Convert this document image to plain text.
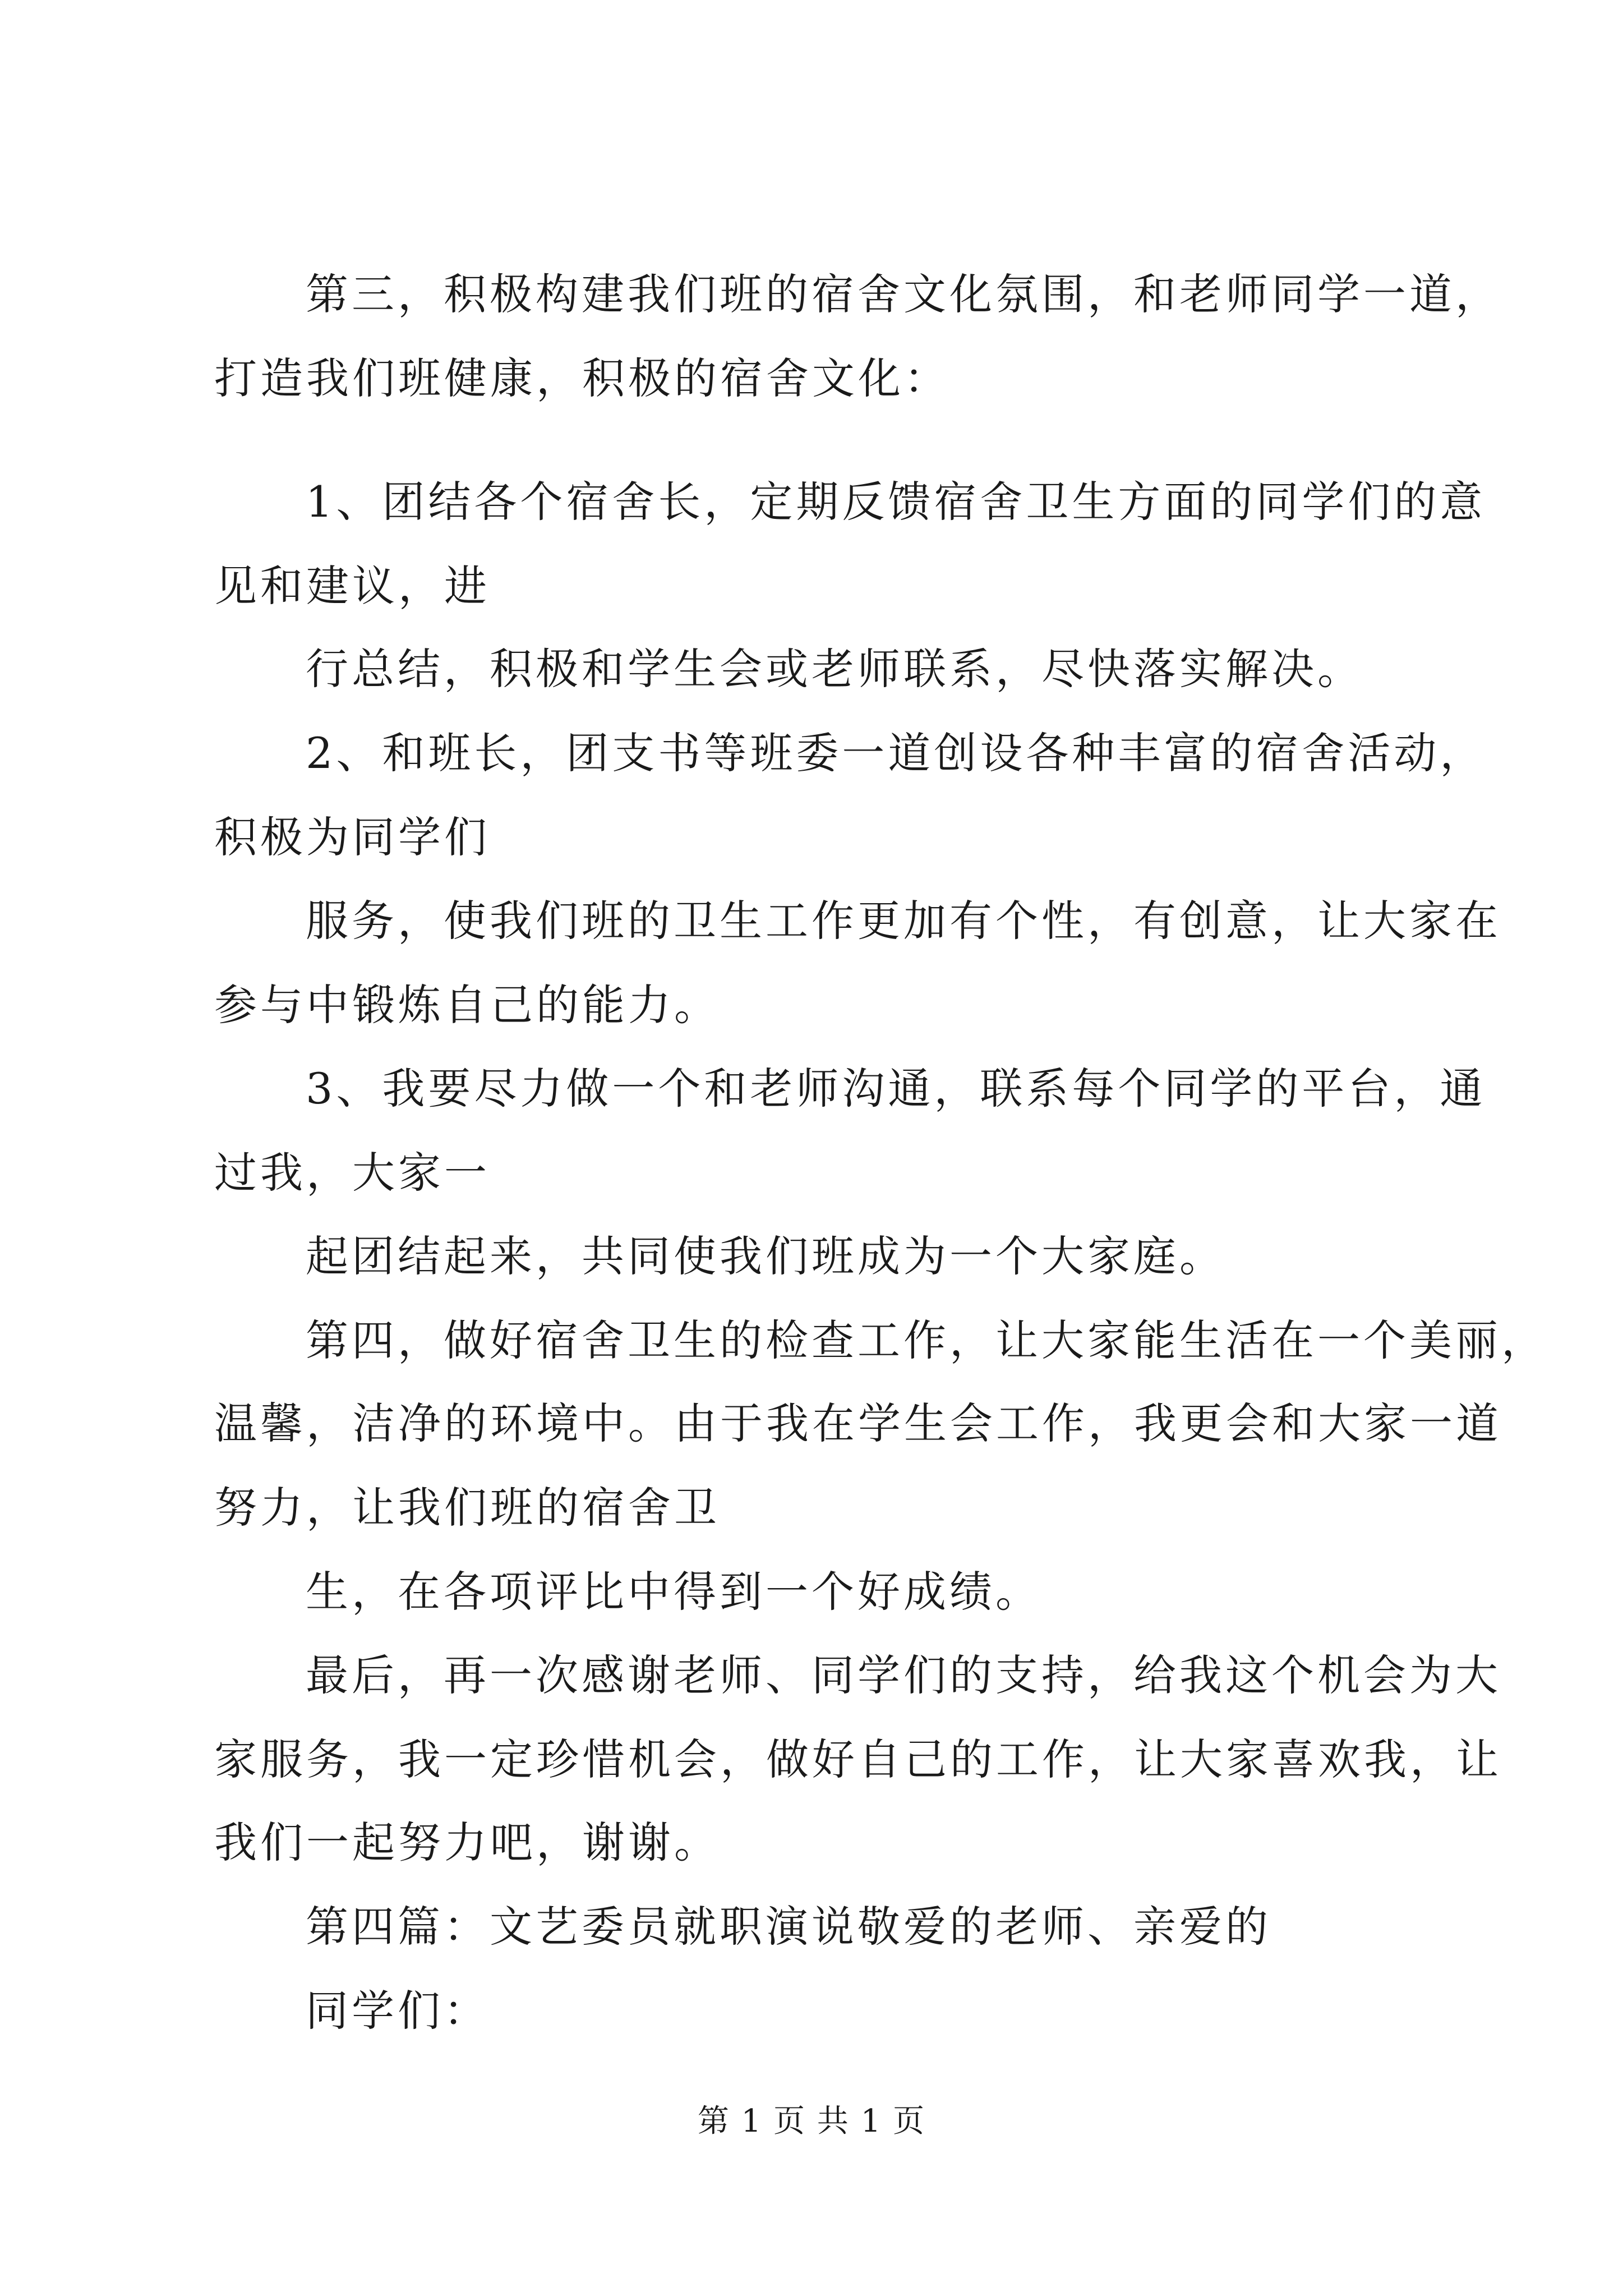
第三，积极构建我们班的宿舍文化氛围，和老师同学一道，
打造我们班健康，积极的宿舍文化：
1、团结各个宿舍长，定期反馈宿舍卫生方面的同学们的意
见和建议，进
行总结，积极和学生会或老师联系，尽快落实解决。
2、和班长，团支书等班委一道创设各种丰富的宿舍活动，
积极为同学们
服务，使我们班的卫生工作更加有个性，有创意，让大家在
参与中锻炼自己的能力。
3、我要尽力做一个和老师沟通，联系每个同学的平台，通
过我，大家一
起团结起来，共同使我们班成为一个大家庭。
第四，做好宿舍卫生的检查工作，让大家能生活在一个美丽，
温馨，洁净的环境中。由于我在学生会工作，我更会和大家一道
努力，让我们班的宿舍卫
生，在各项评比中得到一个好成绩。
最后，再一次感谢老师、同学们的支持，给我这个机会为大
家服务，我一定珍惜机会，做好自己的工作，让大家喜欢我，让
我们一起努力吧，谢谢。
第四篇：文艺委员就职演说敬爱的老师、亲爱的
同学们：
第 1 页 共 1 页
